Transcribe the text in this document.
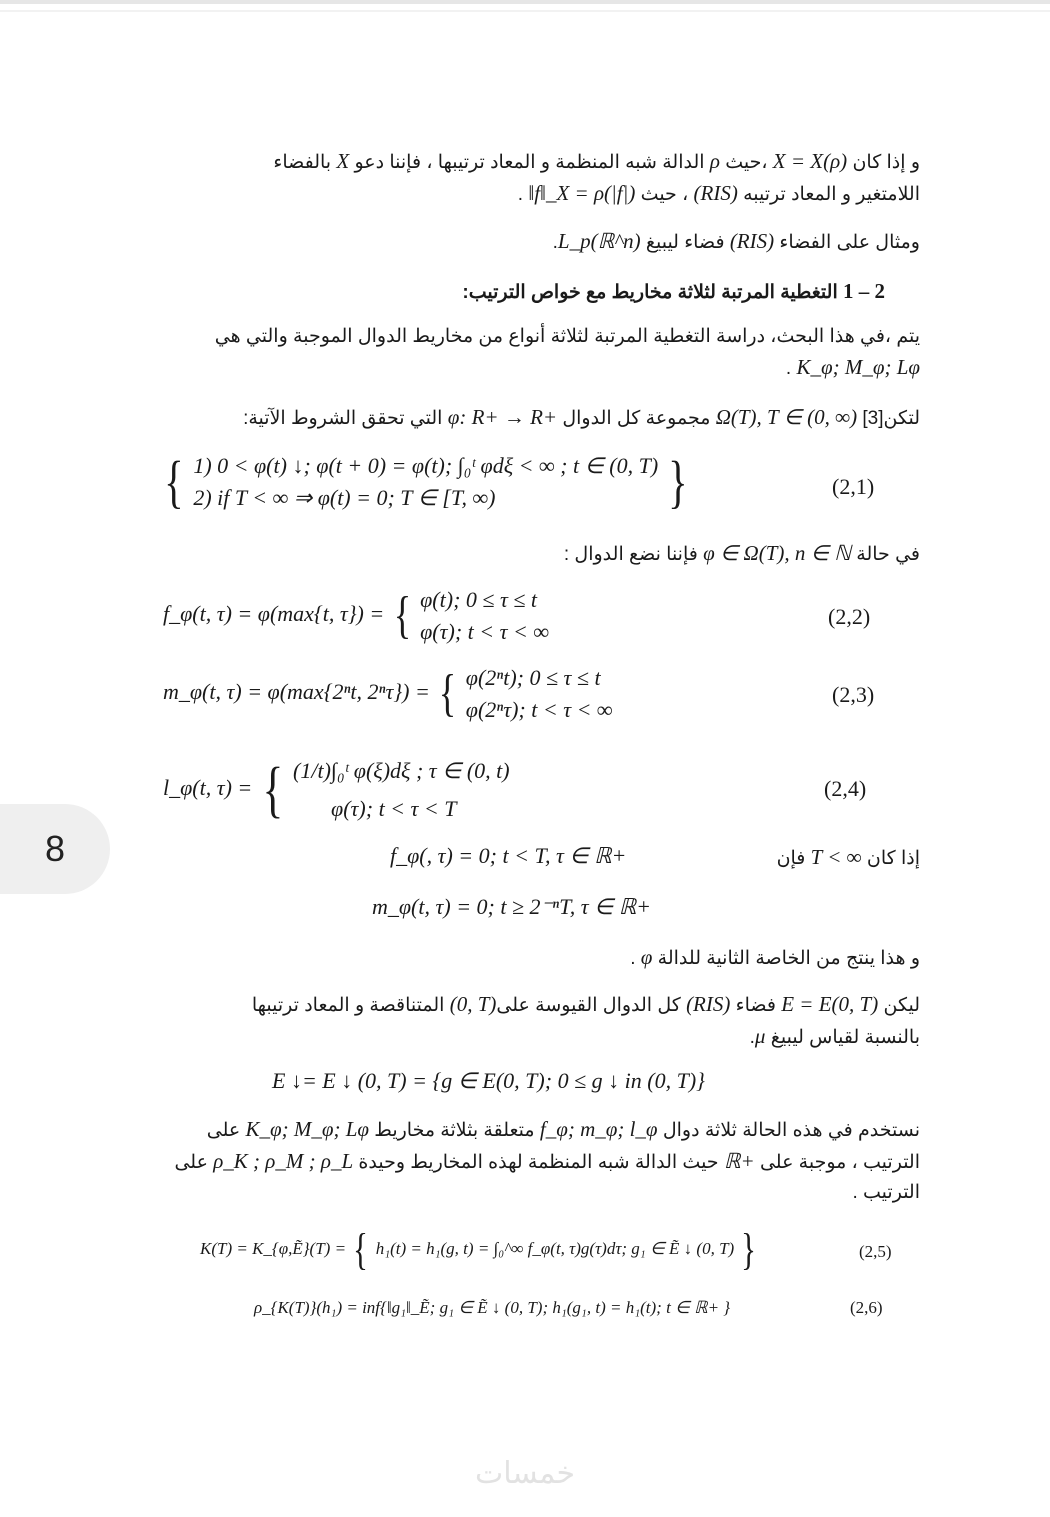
و إذا كان X = X(ρ) ،حيث ρ الدالة شبه المنظمة و المعاد ترتيبها ، فإننا دعو X بالفضاء
اللامتغير و المعاد ترتيبه (RIS) ، حيث ‖f‖_X = ρ(|f|) .
ومثال على الفضاء (RIS) فضاء ليبيغ L_p(ℝ^n).
1 – 2 التغطية المرتبة لثلاثة مخاريط مع خواص الترتيب:
يتم ،في هذا البحث، دراسة التغطية المرتبة لثلاثة أنواع من مخاريط الدوال الموجبة والتي هي
K_φ; M_φ; Lφ .
لتكن[3] Ω(T), T ∈ (0, ∞) مجموعة كل الدوال φ: R+ → R+ التي تحقق الشروط الآتية:
{ 1) 0 < φ(t) ↓; φ(t + 0) = φ(t); ∫₀ᵗ φdξ < ∞ ; t ∈ (0, T)
2) if T < ∞ ⇒ φ(t) = 0; T ∈ [T, ∞)	}	(2,1)
في حالة φ ∈ Ω(T), n ∈ ℕ فإننا نضع الدوال :
f_φ(t, τ) = φ(max{t, τ}) = { φ(t); 0 ≤ τ ≤ t
φ(τ); t < τ < ∞
(2,2)
m_φ(t, τ) = φ(max{2ⁿt, 2ⁿτ}) = { φ(2ⁿt); 0 ≤ τ ≤ t
φ(2ⁿτ); t < τ < ∞
(2,3)
l_φ(t, τ) = { (1/t)∫₀ᵗ φ(ξ)dξ ; τ ∈ (0, t)
φ(τ); t < τ < T
(2,4)
8	إذا كان T < ∞ فإن
f_φ(, τ) = 0; t < T, τ ∈ ℝ+
m_φ(t, τ) = 0; t ≥ 2⁻ⁿT, τ ∈ ℝ+
و هذا ينتج من الخاصة الثانية للدالة φ .
ليكن E = E(0, T) فضاء (RIS) كل الدوال القيوسة على(0, T) المتناقصة و المعاد ترتيبها
بالنسبة لقياس ليبيغ μ.
E ↓= E ↓ (0, T) = {g ∈ E(0, T); 0 ≤ g ↓ in (0, T)}
نستخدم في هذه الحالة ثلاثة دوال f_φ; m_φ; l_φ متعلقة بثلاثة مخاريط K_φ; M_φ; Lφ على
الترتيب ، موجبة على ℝ+ حيث الدالة شبه المنظمة لهذه المخاريط وحيدة ρ_K ; ρ_M ; ρ_L على
الترتيب .
K(T) = K_{φ,Ẽ}(T) = { h₁(t) = h₁(g, t) = ∫₀^∞ f_φ(t, τ)g(τ)dτ; g₁ ∈ Ẽ ↓ (0, T) }	(2,5)
ρ_{K(T)}(h₁) = inf{‖g₁‖_Ẽ; g₁ ∈ Ẽ ↓ (0, T); h₁(g₁, t) = h₁(t); t ∈ ℝ+ }	(2,6)
خمسات
